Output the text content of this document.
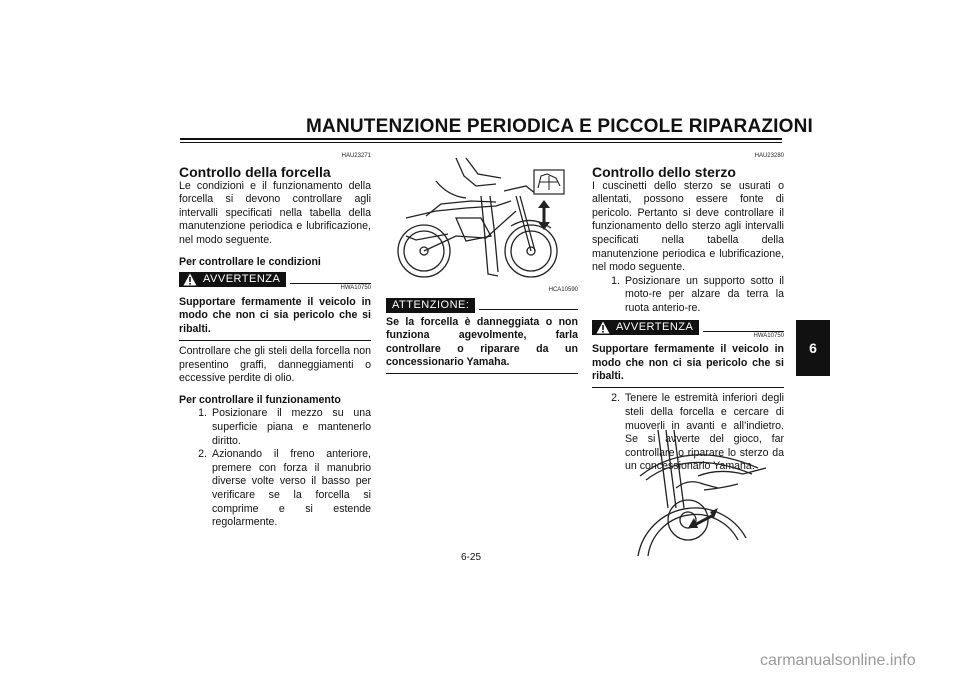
MANUTENZIONE PERIODICA E PICCOLE RIPARAZIONI
HAU23271
Controllo della forcella
Le condizioni e il funzionamento della forcella si devono controllare agli intervalli specificati nella tabella della manutenzione periodica e lubrificazione, nel modo seguente.
Per controllare le condizioni
AVVERTENZA
HWA10750
Supportare fermamente il veicolo in modo che non ci sia pericolo che si ribalti.
Controllare che gli steli della forcella non presentino graffi, danneggiamenti o eccessive perdite di olio.
Per controllare il funzionamento
1. Posizionare il mezzo su una superficie piana e mantenerlo diritto.
2. Azionando il freno anteriore, premere con forza il manubrio diverse volte verso il basso per verificare se la forcella si comprime e si estende regolarmente.
HCA10590
ATTENZIONE:
Se la forcella è danneggiata o non funziona agevolmente, farla controllare o riparare da un concessionario Yamaha.
HAU23280
Controllo dello sterzo
I cuscinetti dello sterzo se usurati o allentati, possono essere fonte di pericolo. Pertanto si deve controllare il funzionamento dello sterzo agli intervalli specificati nella tabella della manutenzione periodica e lubrificazione, nel modo seguente.
1. Posizionare un supporto sotto il moto-re per alzare da terra la ruota anterio-re.
AVVERTENZA
HWA10750
Supportare fermamente il veicolo in modo che non ci sia pericolo che si ribalti.
2. Tenere le estremità inferiori degli steli della forcella e cercare di muoverli in avanti e all’indietro. Se si avverte del gioco, far controllare o riparare lo sterzo da un concessionario Yamaha.
6
6-25
carmanualsonline.info
